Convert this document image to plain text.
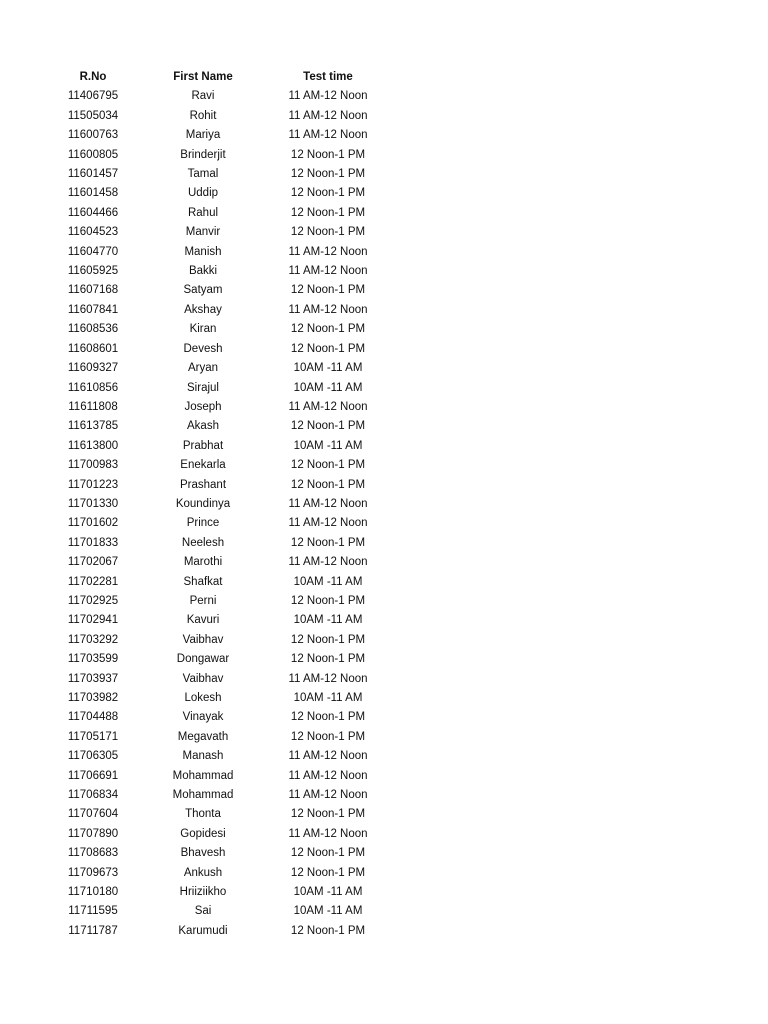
R.No	First Name	Test time
11406795	Ravi	11 AM-12 Noon
11505034	Rohit	11 AM-12 Noon
11600763	Mariya	11 AM-12 Noon
11600805	Brinderjit	12 Noon-1 PM
11601457	Tamal	12 Noon-1 PM
11601458	Uddip	12 Noon-1 PM
11604466	Rahul	12 Noon-1 PM
11604523	Manvir	12 Noon-1 PM
11604770	Manish	11 AM-12 Noon
11605925	Bakki	11 AM-12 Noon
11607168	Satyam	12 Noon-1 PM
11607841	Akshay	11 AM-12 Noon
11608536	Kiran	12 Noon-1 PM
11608601	Devesh	12 Noon-1 PM
11609327	Aryan	10AM -11 AM
11610856	Sirajul	10AM -11 AM
11611808	Joseph	11 AM-12 Noon
11613785	Akash	12 Noon-1 PM
11613800	Prabhat	10AM -11 AM
11700983	Enekarla	12 Noon-1 PM
11701223	Prashant	12 Noon-1 PM
11701330	Koundinya	11 AM-12 Noon
11701602	Prince	11 AM-12 Noon
11701833	Neelesh	12 Noon-1 PM
11702067	Marothi	11 AM-12 Noon
11702281	Shafkat	10AM -11 AM
11702925	Perni	12 Noon-1 PM
11702941	Kavuri	10AM -11 AM
11703292	Vaibhav	12 Noon-1 PM
11703599	Dongawar	12 Noon-1 PM
11703937	Vaibhav	11 AM-12 Noon
11703982	Lokesh	10AM -11 AM
11704488	Vinayak	12 Noon-1 PM
11705171	Megavath	12 Noon-1 PM
11706305	Manash	11 AM-12 Noon
11706691	Mohammad	11 AM-12 Noon
11706834	Mohammad	11 AM-12 Noon
11707604	Thonta	12 Noon-1 PM
11707890	Gopidesi	11 AM-12 Noon
11708683	Bhavesh	12 Noon-1 PM
11709673	Ankush	12 Noon-1 PM
11710180	Hriiziikho	10AM -11 AM
11711595	Sai	10AM -11 AM
11711787	Karumudi	12 Noon-1 PM
